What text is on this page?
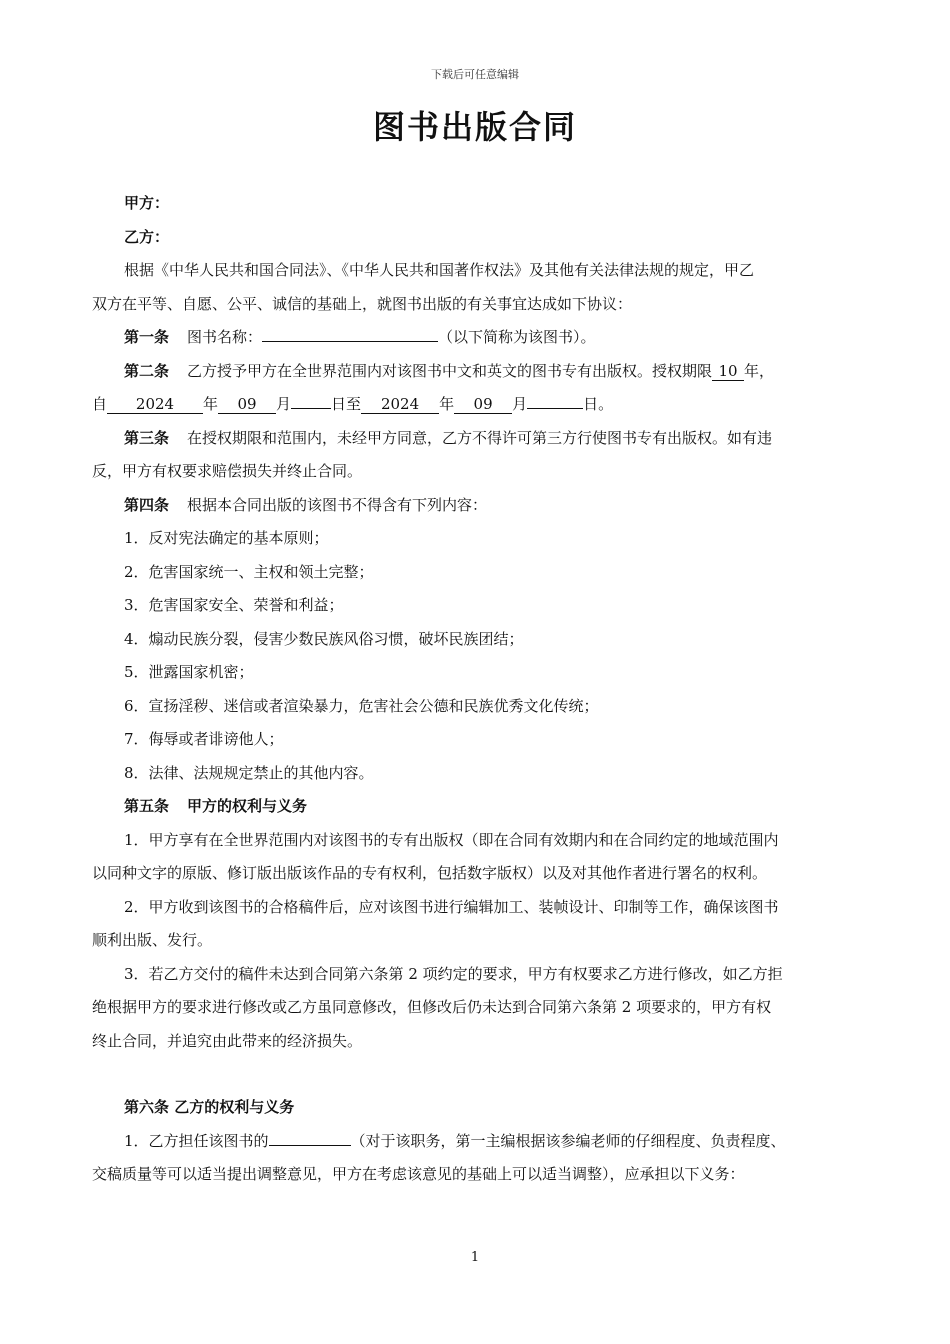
下载后可任意编辑
图书出版合同
甲方：
乙方：
根据《中华人民共和国合同法》、《中华人民共和国著作权法》及其他有关法律法规的规定，甲乙
双方在平等、自愿、公平、诚信的基础上，就图书出版的有关事宜达成如下协议：
第一条 图书名称：	（以下简称为该图书）。
第二条 乙方授予甲方在全世界范围内对该图书中文和英文的图书专有出版权。授权期限 10 年，
自 2024 年 09 月	日至 2024 年 09 月	日。
第三条 在授权期限和范围内，未经甲方同意，乙方不得许可第三方行使图书专有出版权。如有违
反，甲方有权要求赔偿损失并终止合同。
第四条 根据本合同出版的该图书不得含有下列内容：
1．反对宪法确定的基本原则；
2．危害国家统一、主权和领土完整；
3．危害国家安全、荣誉和利益；
4．煽动民族分裂，侵害少数民族风俗习惯，破坏民族团结；
5．泄露国家机密；
6．宣扬淫秽、迷信或者渲染暴力，危害社会公德和民族优秀文化传统；
7．侮辱或者诽谤他人；
8．法律、法规规定禁止的其他内容。
第五条 甲方的权利与义务
1．甲方享有在全世界范围内对该图书的专有出版权（即在合同有效期内和在合同约定的地域范围内
以同种文字的原版、修订版出版该作品的专有权利，包括数字版权）以及对其他作者进行署名的权利。
2．甲方收到该图书的合格稿件后，应对该图书进行编辑加工、装帧设计、印制等工作，确保该图书
顺利出版、发行。
3．若乙方交付的稿件未达到合同第六条第 2 项约定的要求，甲方有权要求乙方进行修改，如乙方拒
绝根据甲方的要求进行修改或乙方虽同意修改，但修改后仍未达到合同第六条第 2 项要求的，甲方有权
终止合同，并追究由此带来的经济损失。
第六条 乙方的权利与义务
1．乙方担任该图书的	（对于该职务，第一主编根据该参编老师的仔细程度、负责程度、
交稿质量等可以适当提出调整意见，甲方在考虑该意见的基础上可以适当调整），应承担以下义务：
1
